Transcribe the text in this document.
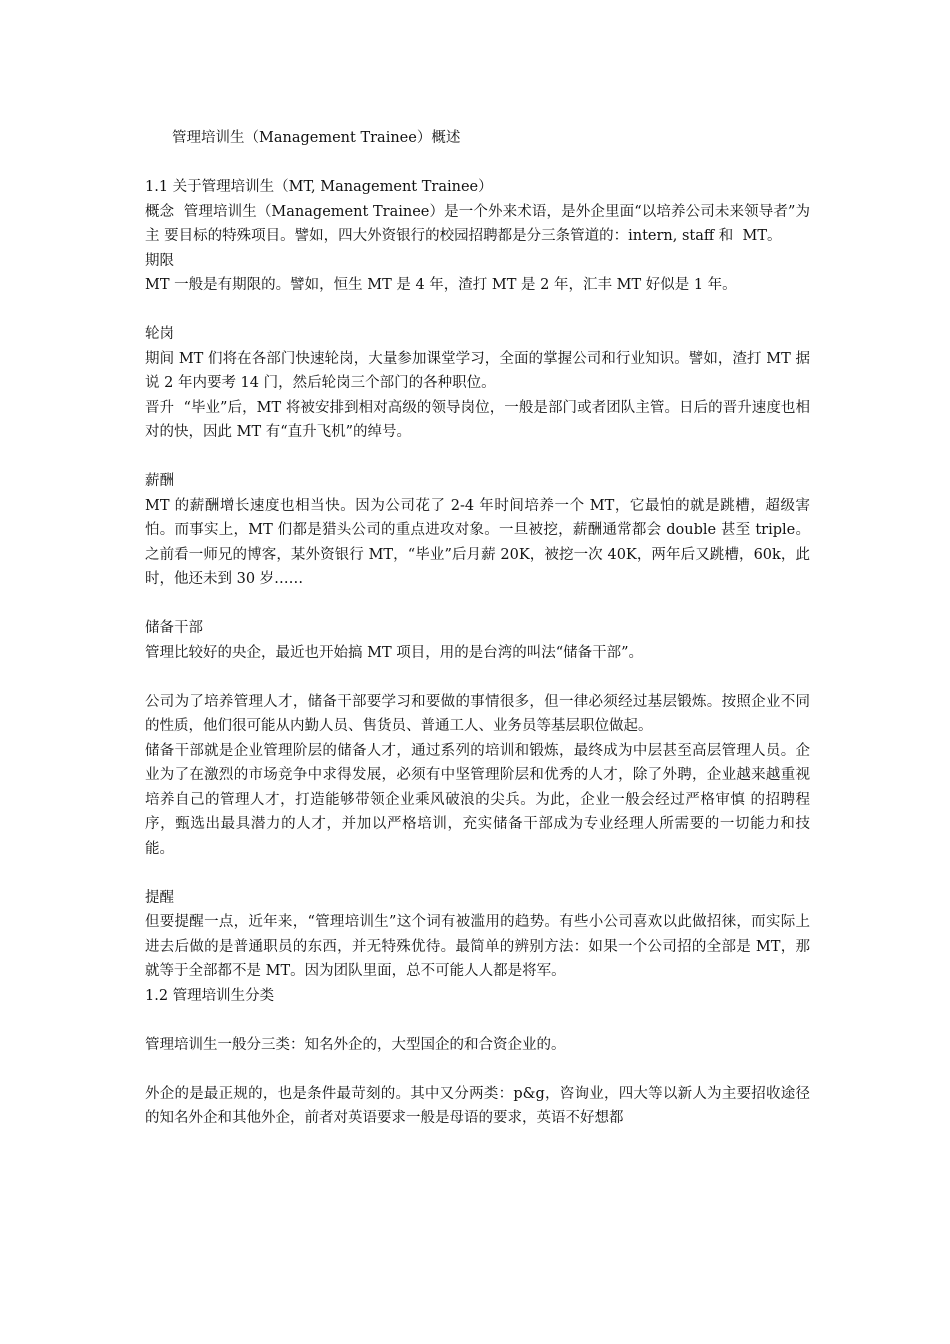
管理培训生（Management Trainee）概述

1.1 关于管理培训生（MT, Management Trainee）

概念  管理培训生（Management Trainee）是一个外来术语，是外企里面“以培养公司未来领导者”为主 要目标的特殊项目。譬如，四大外资银行的校园招聘都是分三条管道的：intern, staff 和  MT。

期限

MT 一般是有期限的。譬如，恒生 MT 是 4 年，渣打 MT 是 2 年，汇丰 MT 好似是 1 年。

轮岗

期间 MT 们将在各部门快速轮岗，大量参加课堂学习，全面的掌握公司和行业知识。譬如，渣打 MT 据 说 2 年内要考 14 门，然后轮岗三个部门的各种职位。

晋升  “毕业”后，MT 将被安排到相对高级的领导岗位，一般是部门或者团队主管。日后的晋升速度也相对的快，因此 MT 有“直升飞机”的绰号。

薪酬

MT 的薪酬增长速度也相当快。因为公司花了 2-4 年时间培养一个 MT，它最怕的就是跳槽，超级害怕。而事实上，MT 们都是猎头公司的重点进攻对象。一旦被挖，薪酬通常都会 double 甚至 triple。之前看一师兄的博客，某外资银行 MT，“毕业”后月薪 20K，被挖一次 40K，两年后又跳槽，60k，此时，他还未到 30 岁……

储备干部

管理比较好的央企，最近也开始搞 MT 项目，用的是台湾的叫法“储备干部”。

公司为了培养管理人才，储备干部要学习和要做的事情很多，但一律必须经过基层锻炼。按照企业不同的性质，他们很可能从内勤人员、售货员、普通工人、业务员等基层职位做起。

储备干部就是企业管理阶层的储备人才，通过系列的培训和锻炼，最终成为中层甚至高层管理人员。企业为了在激烈的市场竞争中求得发展，必须有中坚管理阶层和优秀的人才，除了外聘，企业越来越重视培养自己的管理人才，打造能够带领企业乘风破浪的尖兵。为此，企业一般会经过严格审慎 的招聘程序，甄选出最具潜力的人才，并加以严格培训，充实储备干部成为专业经理人所需要的一切能力和技能。

提醒

但要提醒一点，近年来，“管理培训生”这个词有被滥用的趋势。有些小公司喜欢以此做招徕，而实际上进去后做的是普通职员的东西，并无特殊优待。最简单的辨别方法：如果一个公司招的全部是 MT，那就等于全部都不是 MT。因为团队里面，总不可能人人都是将军。

1.2 管理培训生分类

管理培训生一般分三类：知名外企的，大型国企的和合资企业的。

外企的是最正规的，也是条件最苛刻的。其中又分两类：p&g，咨询业，四大等以新人为主要招收途径的知名外企和其他外企，前者对英语要求一般是母语的要求，英语不好想都
